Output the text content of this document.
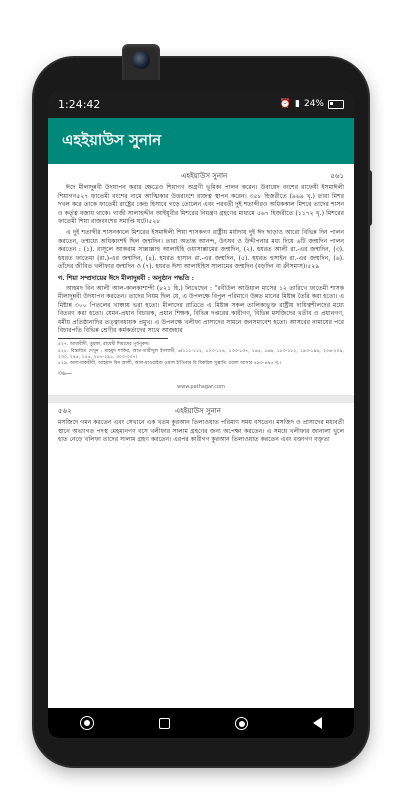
1:24:42	⏰ ▮ 24%
এহইয়াউস সুনান
এহইয়াউস সুনান	৫৬১

ঈদে মীলাদুন্নবী উদযাপন করার ক্ষেত্রেও শিয়াগণ অগ্রণী ভূমিকা পালন করেন। উবায়েদ বংশের রাফেযী ইসমাঈলী শিয়াগণ৫২৭ ফাতেমী বংশের নামে আত্মিকার উত্তরাংশে রাজত্ব স্থাপন করেন। ৩৫৮ হিজরীতে (৯৬৯ খৃ.) তারা মিশর দখল করে তাকে ফাতেমী রাষ্ট্রের কেন্দ্র হিসাবে গড়ে তোলেন এবং পরবর্তী দুই শতাব্দীরও অধিককাল মিশরে তাদের শাসন ও কর্তৃত্ব বজায় থাকে। গাজী সালাহুদ্দীন আইয়ূবীর মিশরের নিয়ন্ত্রণ গ্রহণের মাধ্যমে ৫৬৭ হিজরীতে (১১৭২ খৃ.) মিশরের ফাতেমী শিয়া রাজবংশের সমাপ্তি ঘটে।৫২৮

এ দুই শতাব্দীর শাসনকালে মিশরের ইসমাঈলী শিয়া শাসকগণ রাষ্ট্রীয় মর্যাদায় দুই ঈদ ছাড়াও আরো বিভিন্ন দিন পালন করতেন, তন্মধ্যে অধিকাংশই ছিল জন্মদিন। তারা অত্যন্ত আনন্দ, উৎসব ও উদ্দীপনার মধ্য দিয়ে ৬টি জন্মদিন পালন করতেন : (১). রাসূলে আকরাম সাল্লাল্লাহু আলাইহি ওয়াসাল্লামের জন্মদিন, (২). হযরত আলী রা.-এর জন্মদিন, (৩). হযরত ফাতেমা (রা.)-এর জন্মদিন, (৪). হযরত হাসান রা.-এর জন্মদিন, (৫). হযরত হুসাইন রা.-এর জন্মদিন, (৬). তাঁদের জীবিত খলীফার জন্মদিন ও (৭). হযরত ঈসা আলাইহিস সালামের জন্মদিন (বড়দিন বা ক্রীসমাস)।৫২৯

গ. শিয়া সম্প্রদায়ের ঈদে মীলাদুন্নবী : অনুষ্ঠান পদ্ধতি :

আহমদ বিন আলী আল-কালকাশান্দী (৮২১ হি.) লিখেছেন : “রবীউল আউয়াল মাসের ১২ তারিখে ফাতেমী শাসক মীলাদুন্নবী উদযাপন করতেন। তাদের নিয়ম ছিল যে, এ উপলক্ষে বিপুল পরিমাণে উন্নত মানের মিষ্টান্ন তৈরি করা হতো। এ মিষ্টান্ন ৩০০ পিতলের খাঞ্চায় ভরা হতো। মীলাদের রাত্রিতে এ মিষ্টান্ন সকল তালিকাভুক্ত রাষ্ট্রীয় দায়িত্বশীলদের মধ্যে বিতরণ করা হতো। যেমন-প্রধান বিচারক, প্রধান শিক্ষক, বিভিন্ন দপ্তরের কারীগণ, বিভিন্ন মসজিদের খতীব ও প্রধানগণ, ধর্মীয় প্রতিষ্ঠানাদির তত্ত্বাবধায়ক প্রমুখ। এ উপলক্ষে খলীফা প্রাসাদের সামনে জনসমাবেশ হতো। আসরের নামাযের পরে বিচারপতি বিভিন্ন শ্রেণীর কর্মকর্তাদের সাথে আজহার

৫২৭. আবাবীদী, তুহফা, রাযেমী শিয়াদের পূর্বপুরুষ।

৫২৮. বিস্তারিত দেখুন : মাহমুদ শাকির, আত-তারীখুল ইসলামী, ৬/১১১-১১২, ১২৩-১২৪, ১৩৩-১৩৭, ১৬৫, ১৬৬, ১৮০-১৮২, ১৯৩-১৯৬, ২০৬-২০৯, ২৩০, ২৪৫, ২৫৫, ২৮৭-২৯১, ৩০০-৩০৭।

৫২৯. আল-মাকরীযী, আহমাদ বিন আলী, আল-মাওয়াইজ ওয়াল ই'তিবার বি যিকরিল খুত্বাতি ওয়াল আসার ৪৯০-৪৯৫ পৃ.।

৩৬—
www.pathagar.com
৫৬২	এহইয়াউস সুনান

মসজিদে গমন করতেন এবং সেখানে এক খতম কুরআন তিলাওয়াত পরিমাণ সময় বসতেন। মসজিদ ও প্রাসাদের মধ্যবর্তী স্থানে অভ্যাগত পদস্থ মেহমানগণ বসে খলীফার সালাম গ্রহণের জন্য অপেক্ষা করতেন। এ সময়ে খলীফার জানালা খুলে হাত নেড়ে খলিফা তাদের সালাম গ্রহণ করতেন। এরপর কারীগণ কুরআন তিলাওয়াত করতেন এবং বক্তাগণ বক্তৃতা
